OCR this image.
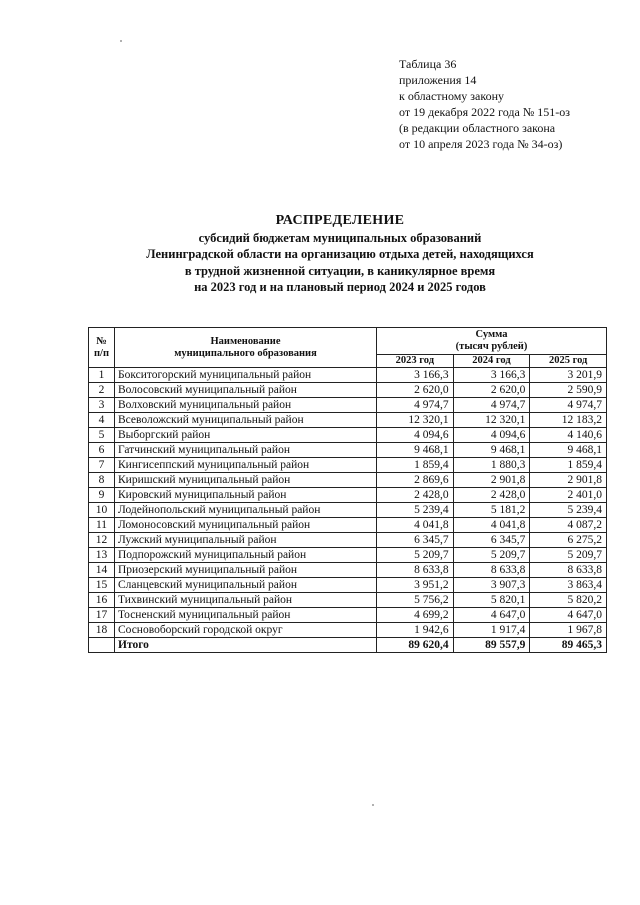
Таблица 36
приложения 14
к областному закону
от 19 декабря 2022 года № 151-оз
(в редакции областного закона
от 10 апреля 2023 года № 34-оз)
РАСПРЕДЕЛЕНИЕ
субсидий бюджетам муниципальных образований
Ленинградской области на организацию отдыха детей, находящихся
в трудной жизненной ситуации, в каникулярное время
на 2023 год и на плановый период 2024 и 2025 годов
№
п/п	Наименование
муниципального образования	Сумма
(тысяч рублей)		
		2023 год	2024 год	2025 год
1	Бокситогорский муниципальный район	3 166,3	3 166,3	3 201,9
2	Волосовский муниципальный район	2 620,0	2 620,0	2 590,9
3	Волховский муниципальный район	4 974,7	4 974,7	4 974,7
4	Всеволожский муниципальный район	12 320,1	12 320,1	12 183,2
5	Выборгский район	4 094,6	4 094,6	4 140,6
6	Гатчинский муниципальный район	9 468,1	9 468,1	9 468,1
7	Кингисеппский муниципальный район	1 859,4	1 880,3	1 859,4
8	Киришский муниципальный район	2 869,6	2 901,8	2 901,8
9	Кировский муниципальный район	2 428,0	2 428,0	2 401,0
10	Лодейнопольский муниципальный район	5 239,4	5 181,2	5 239,4
11	Ломоносовский муниципальный район	4 041,8	4 041,8	4 087,2
12	Лужский муниципальный район	6 345,7	6 345,7	6 275,2
13	Подпорожский муниципальный район	5 209,7	5 209,7	5 209,7
14	Приозерский муниципальный район	8 633,8	8 633,8	8 633,8
15	Сланцевский муниципальный район	3 951,2	3 907,3	3 863,4
16	Тихвинский муниципальный район	5 756,2	5 820,1	5 820,2
17	Тосненский муниципальный район	4 699,2	4 647,0	4 647,0
18	Сосновоборский городской округ	1 942,6	1 917,4	1 967,8
	Итого	89 620,4	89 557,9	89 465,3
